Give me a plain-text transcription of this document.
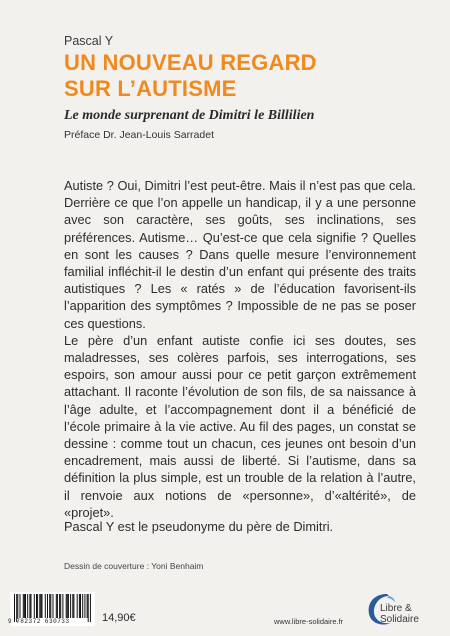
Pascal Y
UN NOUVEAU REGARD
SUR L’AUTISME
Le monde surprenant de Dimitri le Billilien
Préface Dr. Jean-Louis Sarradet

Autiste ? Oui, Dimitri l’est peut-être. Mais il n’est pas que cela. Derrière ce que l’on appelle un handicap, il y a une personne avec son caractère, ses goûts, ses inclinations, ses préférences. Autisme… Qu’est-ce que cela signifie ? Quelles en sont les causes ? Dans quelle mesure l’environnement familial infléchit-il le destin d’un enfant qui présente des traits autistiques ? Les « ratés » de l’éducation favorisent-ils l’apparition des symptômes ? Impossible de ne pas se poser ces questions.

Le père d’un enfant autiste confie ici ses doutes, ses maladresses, ses colères parfois, ses interrogations, ses espoirs, son amour aussi pour ce petit garçon extrêmement attachant. Il raconte l’évolution de son fils, de sa naissance à l’âge adulte, et l’accompagnement dont il a bénéficié de l’école primaire à la vie active. Au fil des pages, un constat se dessine : comme tout un chacun, ces jeunes ont besoin d’un encadrement, mais aussi de liberté. Si l’autisme, dans sa définition la plus simple, est un trouble de la relation à l’autre, il renvoie aux notions de «personne», d’«altérité», de «projet».

Pascal Y est le pseudonyme du père de Dimitri.
Dessin de couverture : Yoni Benhaim
9 782372 630733	14,90€	www.libre-solidaire.fr
Libre & Solidaire
